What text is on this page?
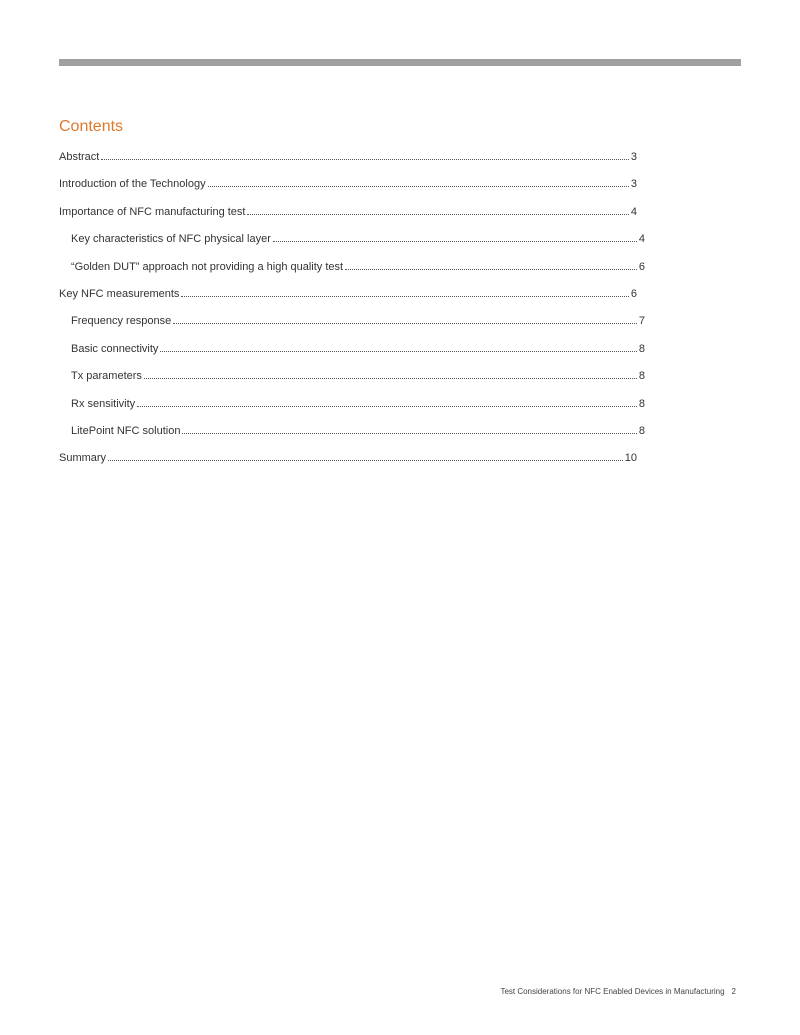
Contents
Abstract	3
Introduction of the Technology	3
Importance of NFC manufacturing test	4
Key characteristics of NFC physical layer	4
“Golden DUT” approach not providing a high quality test	6
Key NFC measurements	6
Frequency response	7
Basic connectivity	8
Tx parameters	8
Rx sensitivity	8
LitePoint NFC solution	8
Summary	10
Test Considerations for NFC Enabled Devices in Manufacturing 2
